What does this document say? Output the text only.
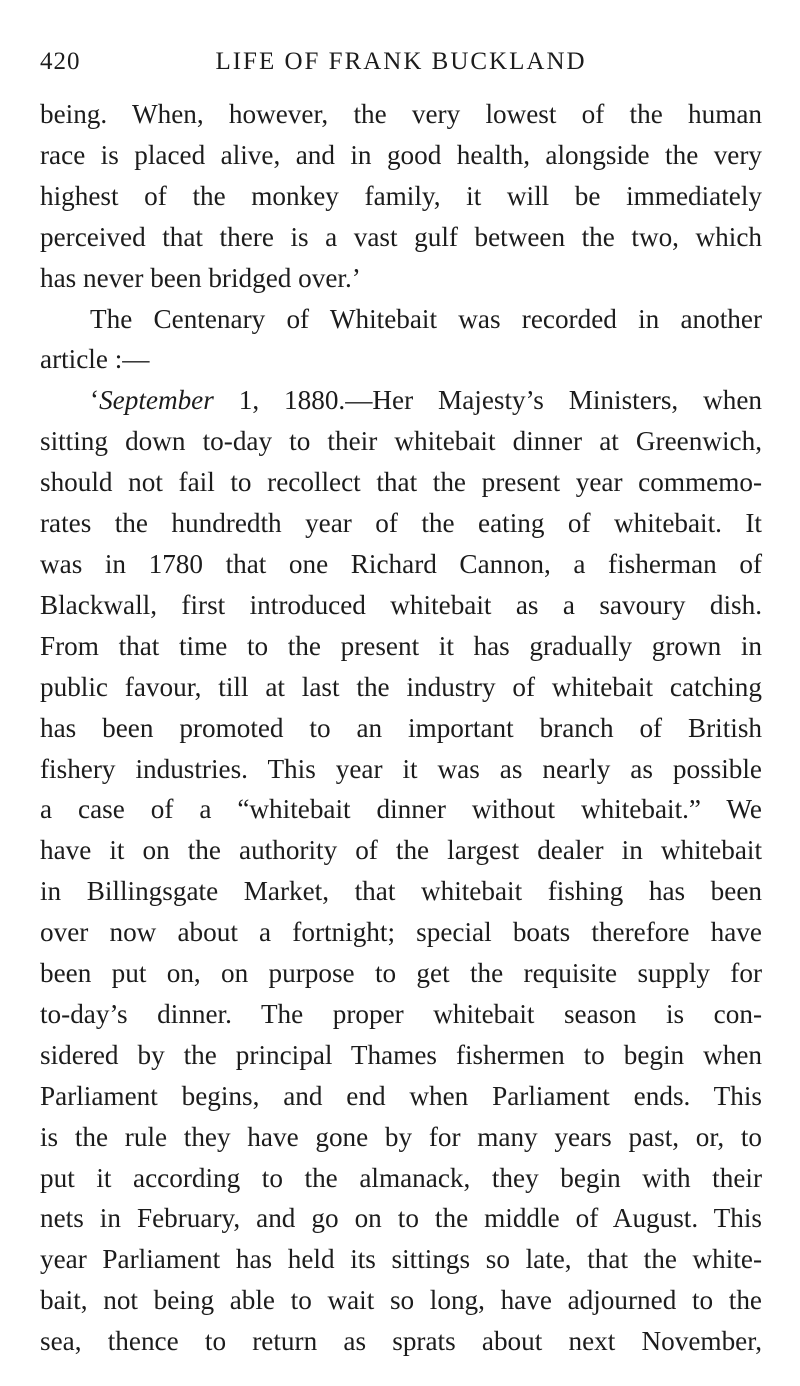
420	LIFE OF FRANK BUCKLAND
being. When, however, the very lowest of the human
race is placed alive, and in good health, alongside the very
highest of the monkey family, it will be immediately
perceived that there is a vast gulf between the two, which
has never been bridged over.’
The Centenary of Whitebait was recorded in another
article :—
‘September 1, 1880.—Her Majesty’s Ministers, when
sitting down to-day to their whitebait dinner at Greenwich,
should not fail to recollect that the present year commemo-
rates the hundredth year of the eating of whitebait. It
was in 1780 that one Richard Cannon, a fisherman of
Blackwall, first introduced whitebait as a savoury dish.
From that time to the present it has gradually grown in
public favour, till at last the industry of whitebait catching
has been promoted to an important branch of British
fishery industries. This year it was as nearly as possible
a case of a “whitebait dinner without whitebait.” We
have it on the authority of the largest dealer in whitebait
in Billingsgate Market, that whitebait fishing has been
over now about a fortnight; special boats therefore have
been put on, on purpose to get the requisite supply for
to-day’s dinner. The proper whitebait season is con-
sidered by the principal Thames fishermen to begin when
Parliament begins, and end when Parliament ends. This
is the rule they have gone by for many years past, or, to
put it according to the almanack, they begin with their
nets in February, and go on to the middle of August. This
year Parliament has held its sittings so late, that the white-
bait, not being able to wait so long, have adjourned to the
sea, thence to return as sprats about next November,
